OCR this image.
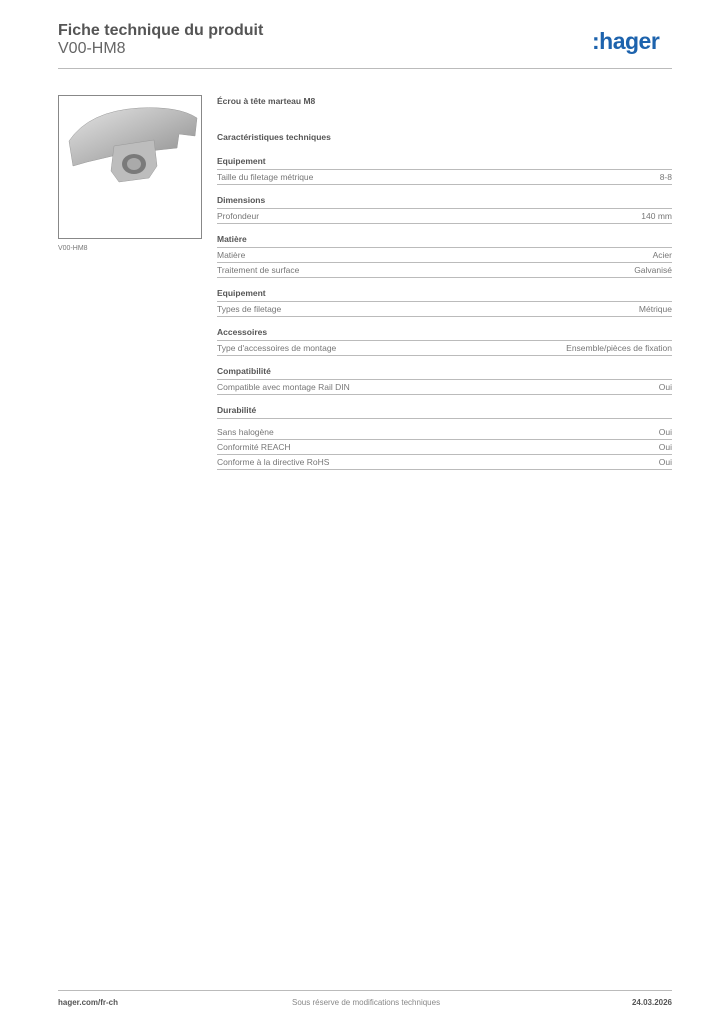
Fiche technique du produit
V00-HM8	:hager
V00-HM8
Écrou à tête marteau M8
Caractéristiques techniques
Equipement
Taille du filetage métrique	8-8
Dimensions
Profondeur	140 mm
Matière
Matière	Acier
Traitement de surface	Galvanisé
Equipement
Types de filetage	Métrique
Accessoires
Type d'accessoires de montage	Ensemble/pièces de fixation
Compatibilité
Compatible avec montage Rail DIN	Oui
Durabilité
Sans halogène	Oui
Conformité REACH	Oui
Conforme à la directive RoHS	Oui
hager.com/fr-ch	Sous réserve de modifications techniques	24.03.2026
